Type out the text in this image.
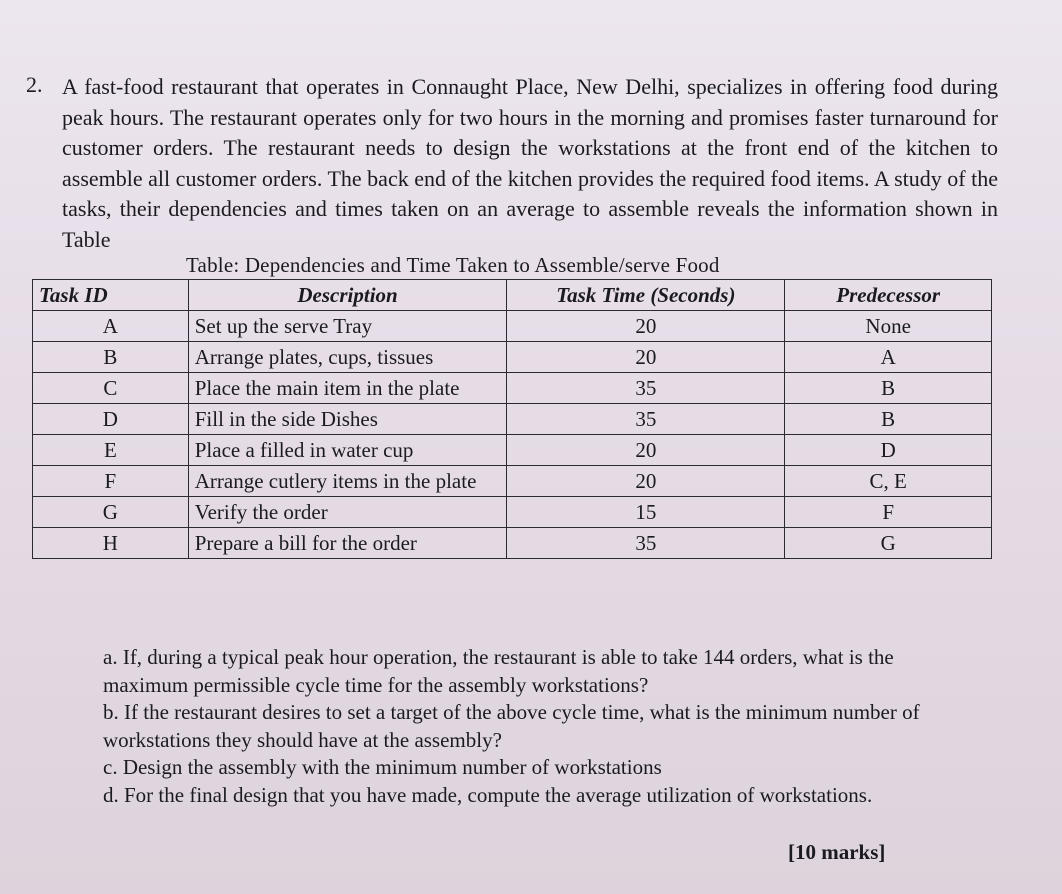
2. A fast-food restaurant that operates in Connaught Place, New Delhi, specializes in offering food during peak hours. The restaurant operates only for two hours in the morning and promises faster turnaround for customer orders. The restaurant needs to design the workstations at the front end of the kitchen to assemble all customer orders. The back end of the kitchen provides the required food items. A study of the tasks, their dependencies and times taken on an average to assemble reveals the information shown in Table
Table: Dependencies and Time Taken to Assemble/serve Food
Task ID	Description	Task Time (Seconds)	Predecessor
A	Set up the serve Tray	20	None
B	Arrange plates, cups, tissues	20	A
C	Place the main item in the plate	35	B
D	Fill in the side Dishes	35	B
E	Place a filled in water cup	20	D
F	Arrange cutlery items in the plate	20	C, E
G	Verify the order	15	F
H	Prepare a bill for the order	35	G

a. If, during a typical peak hour operation, the restaurant is able to take 144 orders, what is the maximum permissible cycle time for the assembly workstations?

b. If the restaurant desires to set a target of the above cycle time, what is the minimum number of workstations they should have at the assembly?

c. Design the assembly with the minimum number of workstations

d. For the final design that you have made, compute the average utilization of workstations.

[10 marks]
